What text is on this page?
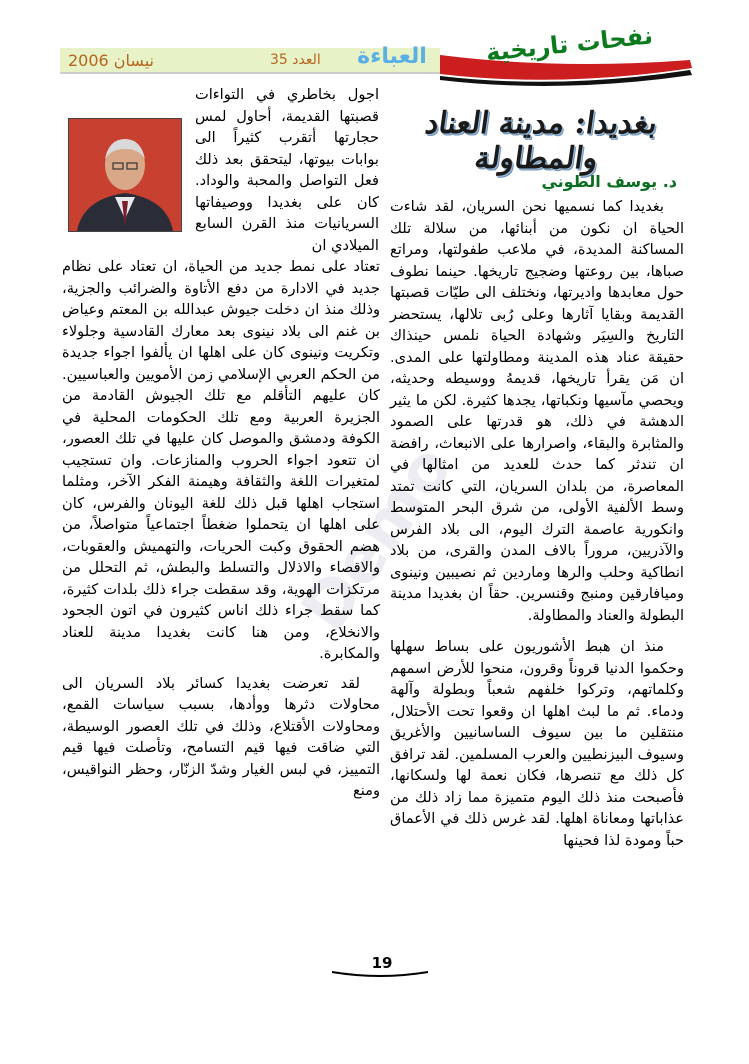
نفحات تاريخية
العباءة
العدد 35
نيسان 2006
بغديدا: مدينة العناد والمطاولة
د. يوسف الطوني
Demo

اجول بخاطري في التواءات قصبتها القديمة، أحاول لمس حجارتها أتقرب كثيراً الى بوابات بيوتها، ليتحقق بعد ذلك فعل التواصل والمحبة والوداد. كان على بغديدا ووصيفاتها السريانيات منذ القرن السابع الميلادي ان

تعتاد على نمط جديد من الحياة، ان تعتاد على نظام جديد في الادارة من دفع الأتاوة والضرائب والجزية، وذلك منذ ان دخلت جيوش عبدالله بن المعتم وعياض بن غنم الى بلاد نينوى بعد معارك القادسية وجلولاء وتكريت ونينوى كان على اهلها ان يألفوا اجواء جديدة من الحكم العربي الإسلامي زمن الأمويين والعباسيين. كان عليهم التأقلم مع تلك الجيوش القادمة من الجزيرة العربية ومع تلك الحكومات المحلية في الكوفة ودمشق والموصل كان عليها في تلك العصور، ان تتعود اجواء الحروب والمنازعات. وان تستجيب لمتغيرات اللغة والثقافة وهيمنة الفكر الآخر، ومثلما استجاب اهلها قبل ذلك للغة اليونان والفرس، كان على اهلها ان يتحملوا ضغطاً اجتماعياً متواصلاً، من هضم الحقوق وكبت الحريات، والتهميش والعقوبات، والاقصاء والاذلال والتسلط والبطش، ثم التحلل من مرتكزات الهوية، وقد سقطت جراء ذلك بلدات كثيرة، كما سقط جراء ذلك اناس كثيرون في اتون الجحود والانخلاع، ومن هنا كانت بغديدا مدينة للعناد والمكابرة.

لقد تعرضت بغديدا كسائر بلاد السريان الى محاولات دثرها ووأدها، بسبب سياسات القمع، ومحاولات الأقتلاع، وذلك في تلك العصور الوسيطة، التي ضاقت فيها قيم التسامح، وتأصلت فيها قيم التمييز، في لبس الغيار وشدّ الزنّار، وحظر النواقيس، ومنع

بغديدا كما نسميها نحن السريان، لقد شاءت الحياة ان نكون من أبنائها، من سلالة تلك المساكنة المديدة، في ملاعب طفولتها، ومراتع صباها، بين روعتها وضجيج تاريخها. حينما نطوف حول معابدها واديرتها، ونختلف الى طيّات قصبتها القديمة وبقايا آثارها وعلى رُبى تلالها، يستحضر التاريخ والسِيَر وشهادة الحياة نلمس حينذاك حقيقة عناد هذه المدينة ومطاولتها على المدى. ان مَن يقرأ تاريخها، قديمهُ ووسيطه وحديثه، ويحصي مآسيها ونكباتها، يجدها كثيرة. لكن ما يثير الدهشة في ذلك، هو قدرتها على الصمود والمثابرة والبقاء، واصرارها على الانبعاث، رافضة ان تندثر كما حدث للعديد من امثالها في المعاصرة، من بلدان السريان، التي كانت تمتد وسط الألفية الأولى، من شرق البحر المتوسط وانكورية عاصمة الترك اليوم، الى بلاد الفرس والآذريين، مروراً بالاف المدن والقرى، من بلاد انطاكية وحلب والرها وماردين ثم نصيبين ونينوى وميافارقين ومنبج وقنسرين. حقاً ان بغديدا مدينة البطولة والعناد والمطاولة.

منذ ان هبط الأشوريون على بساط سهلها وحكموا الدنيا قروناً وقرون، منحوا للأرض اسمهم وكلماتهم، وتركوا خلفهم شعباً وبطولة وآلهة ودماء. ثم ما لبث اهلها ان وقعوا تحت الأحتلال، منتقلين ما بين سيوف الساسانيين والأغريق وسيوف البيزنطيين والعرب المسلمين. لقد ترافق كل ذلك مع تنصرها، فكان نعمة لها ولسكانها، فأصبحت منذ ذلك اليوم متميزة مما زاد ذلك من عذاباتها ومعاناة اهلها. لقد غرس ذلك في الأعماق حباً ومودة لذا فحينها

19
